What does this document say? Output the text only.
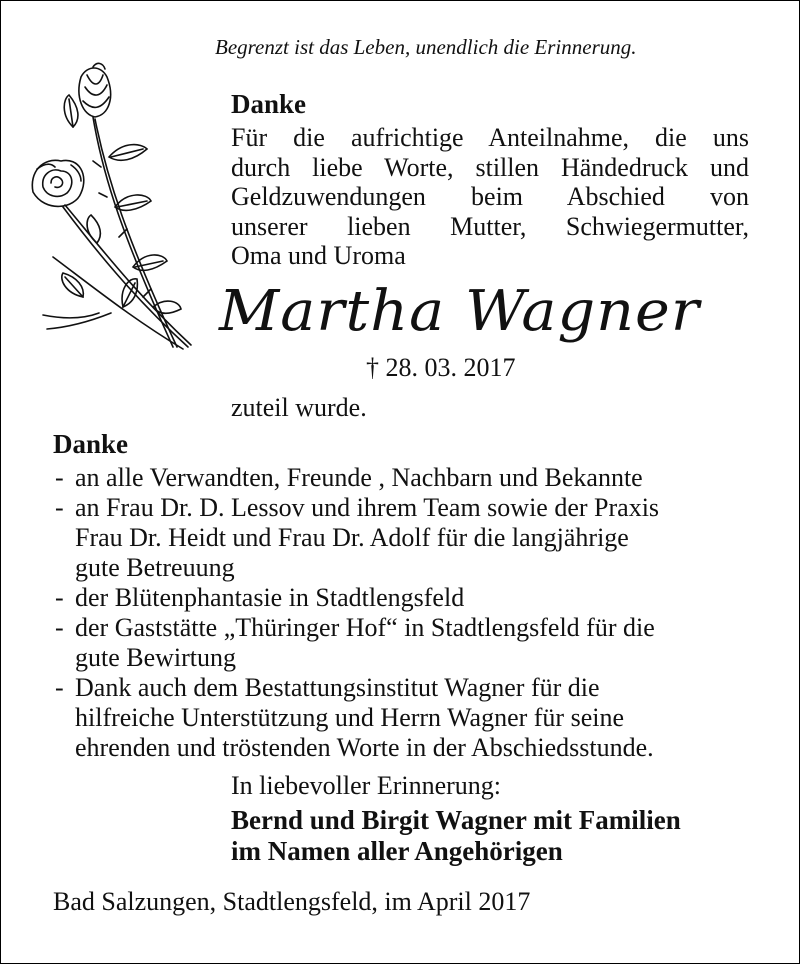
Begrenzt ist das Leben, unendlich die Erinnerung.
Danke
Für die aufrichtige Anteilnahme, die uns
durch liebe Worte, stillen Händedruck und
Geldzuwendungen beim Abschied von
unserer lieben Mutter, Schwiegermutter,
Oma und Uroma
Martha Wagner
† 28. 03. 2017
zuteil wurde.
Danke
- an alle Verwandten, Freunde , Nachbarn und Bekannte
- an Frau Dr. D. Lessov und ihrem Team sowie der Praxis
Frau Dr. Heidt und Frau Dr. Adolf für die langjährige
gute Betreuung
- der Blütenphantasie in Stadtlengsfeld
- der Gaststätte „Thüringer Hof“ in Stadtlengsfeld für die
gute Bewirtung
- Dank auch dem Bestattungsinstitut Wagner für die
hilfreiche Unterstützung und Herrn Wagner für seine
ehrenden und tröstenden Worte in der Abschiedsstunde.
In liebevoller Erinnerung:
Bernd und Birgit Wagner mit Familien
im Namen aller Angehörigen
Bad Salzungen, Stadtlengsfeld, im April 2017
